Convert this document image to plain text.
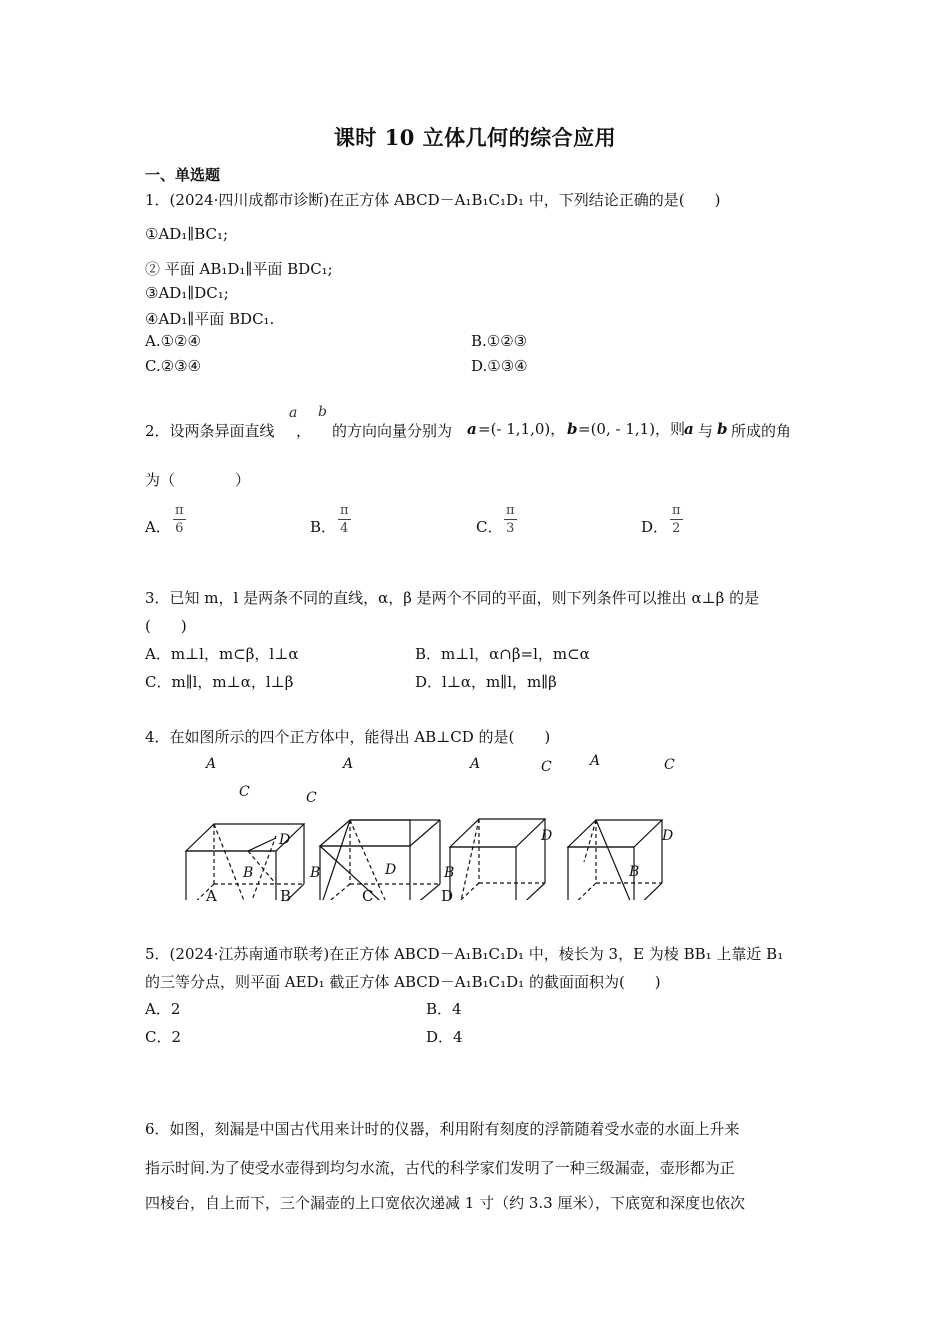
课时 10 立体几何的综合应用
一、单选题
1．(2024·四川成都市诊断)在正方体 ABCD－A₁B₁C₁D₁ 中，下列结论正确的是(　　)
①AD₁∥BC₁;
② 平面 AB₁D₁∥平面 BDC₁;
③AD₁∥DC₁;
④AD₁∥平面 BDC₁.
A.①②④	B.①②③
C.②③④	D.①③④
2．设两条异面直线
a
，
b
的方向向量分别为 a =(- 1,1,0)， b =(0, - 1,1)，则
a 与 b 所成的角
为（　　　　）
A． $\frac{\pi}{6}$	B． $\frac{\pi}{4}$	C． $\frac{\pi}{3}$	D． $\frac{\pi}{2}$
3．已知 m，l 是两条不同的直线，α，β 是两个不同的平面，则下列条件可以推出 α⊥β 的是
(　　)
A．m⊥l，m⊂β，l⊥α	B．m⊥l，α∩β=l，m⊂α
C．m∥l，m⊥α，l⊥β	D．l⊥α，m∥l，m∥β
4．在如图所示的四个正方体中，能得出 AB⊥CD 的是(　　)
A
C
D
B
A
C
D
B
A	C
D
B
A	C
D
B
A	B	C	D
5．(2024·江苏南通市联考)在正方体 ABCD－A₁B₁C₁D₁ 中，棱长为 3，E 为棱 BB₁ 上靠近 B₁
的三等分点，则平面 AED₁ 截正方体 ABCD－A₁B₁C₁D₁ 的截面面积为(　　)
A．2	B．4
C．2	D．4
6．如图，刻漏是中国古代用来计时的仪器，利用附有刻度的浮箭随着受水壶的水面上升来
指示时间.为了使受水壶得到均匀水流，古代的科学家们发明了一种三级漏壶，壶形都为正
四棱台，自上而下，三个漏壶的上口宽依次递减 1 寸（约 3.3 厘米），下底宽和深度也依次
